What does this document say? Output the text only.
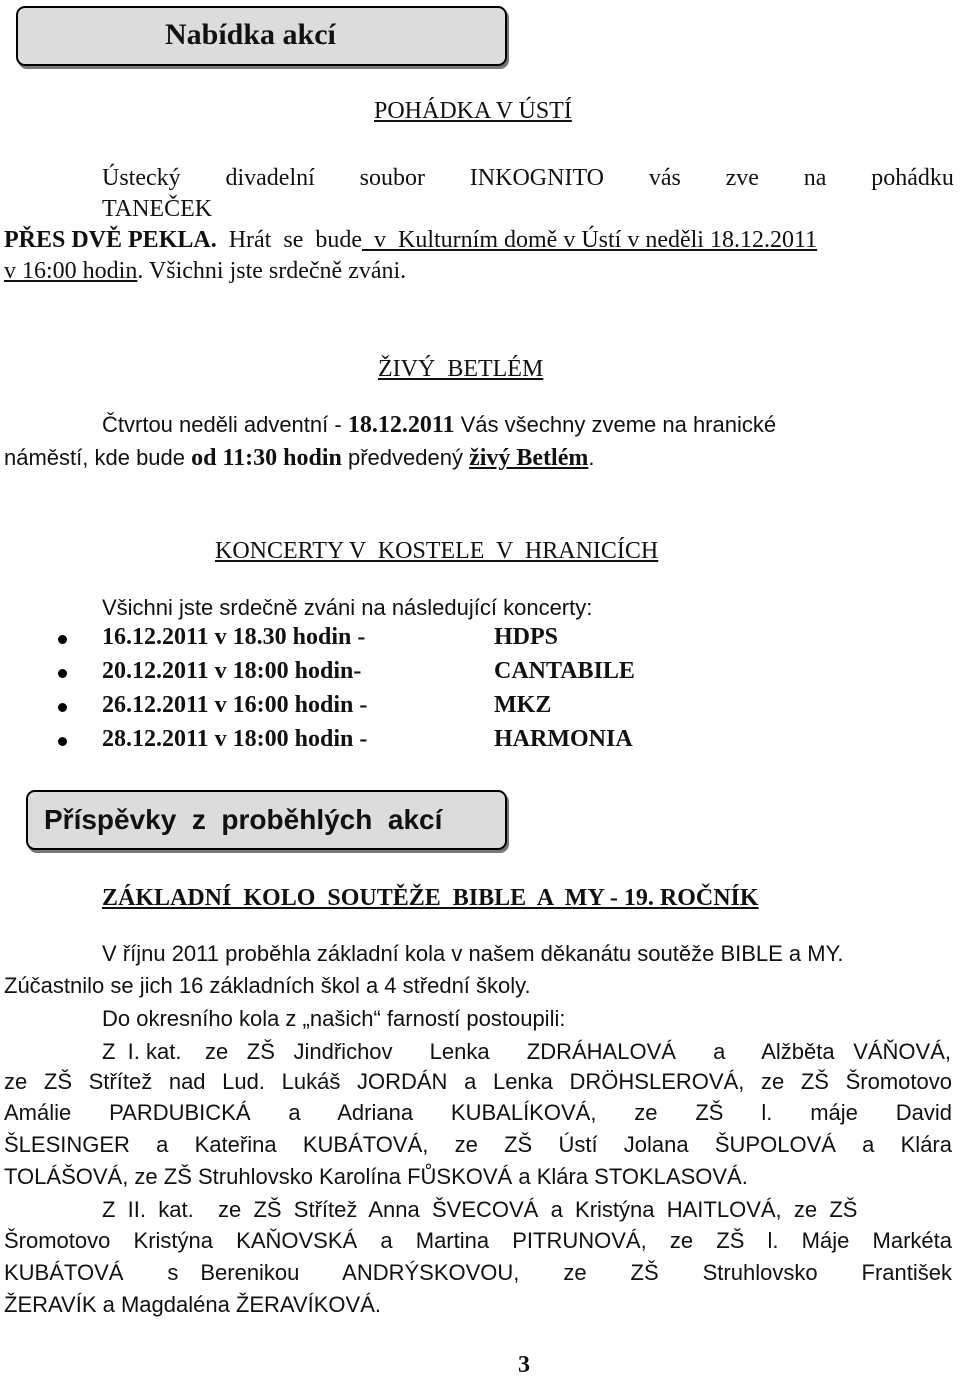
Nabídka akcí
POHÁDKA V ÚSTÍ
Ústecký divadelní soubor INKOGNITO vás zve na pohádku
TANEČEK
PŘES DVĚ PEKLA.  Hrát  se  bude  v  Kulturním domě v Ústí v neděli 18.12.2011
v 16:00 hodin. Všichni jste srdečně zváni.
ŽIVÝ  BETLÉM
Čtvrtou neděli adventní - 18.12.2011 Vás všechny zveme na hranické
náměstí, kde bude od 11:30 hodin předvedený živý Betlém.
KONCERTY V  KOSTELE  V  HRANICÍCH
Všichni jste srdečně zváni na následující koncerty:
16.12.2011 v 18.30 hodin -	HDPS
20.12.2011 v 18:00 hodin-	CANTABILE
26.12.2011 v 16:00 hodin -	MKZ
28.12.2011 v 18:00 hodin -	HARMONIA
Příspěvky  z  proběhlých  akcí
ZÁKLADNÍ  KOLO  SOUTĚŽE  BIBLE  A  MY - 19. ROČNÍK
V říjnu 2011 proběhla základní kola v našem děkanátu soutěže BIBLE a MY.
Zúčastnilo se jich 16 základních škol a 4 střední školy.
Do okresního kola z „našich“ farností postoupili:
Z  I. kat. ze ZŠ Jindřichov  Lenka  ZDRÁHALOVÁ  a  Alžběta VÁŇOVÁ,
ze ZŠ Střítež nad Lud. Lukáš JORDÁN a Lenka DRÖHSLEROVÁ, ze ZŠ Šromotovo
Amálie  PARDUBICKÁ  a  Adriana  KUBALÍKOVÁ,  ze  ZŠ  l.  máje  David
ŠLESINGER a Kateřina KUBÁTOVÁ, ze ZŠ Ústí Jolana ŠUPOLOVÁ a Klára
TOLÁŠOVÁ, ze ZŠ Struhlovsko Karolína FŮSKOVÁ a Klára STOKLASOVÁ.
Z  II.  kat. ze  ZŠ  Střítež  Anna  ŠVECOVÁ  a  Kristýna  HAITLOVÁ,  ze  ZŠ
Šromotovo Kristýna KAŇOVSKÁ a Martina PITRUNOVÁ, ze ZŠ l. Máje Markéta
KUBÁTOVÁ  s Berenikou  ANDRÝSKOVOU,  ze  ZŠ  Struhlovsko  František
ŽERAVÍK a Magdaléna ŽERAVÍKOVÁ.
3
